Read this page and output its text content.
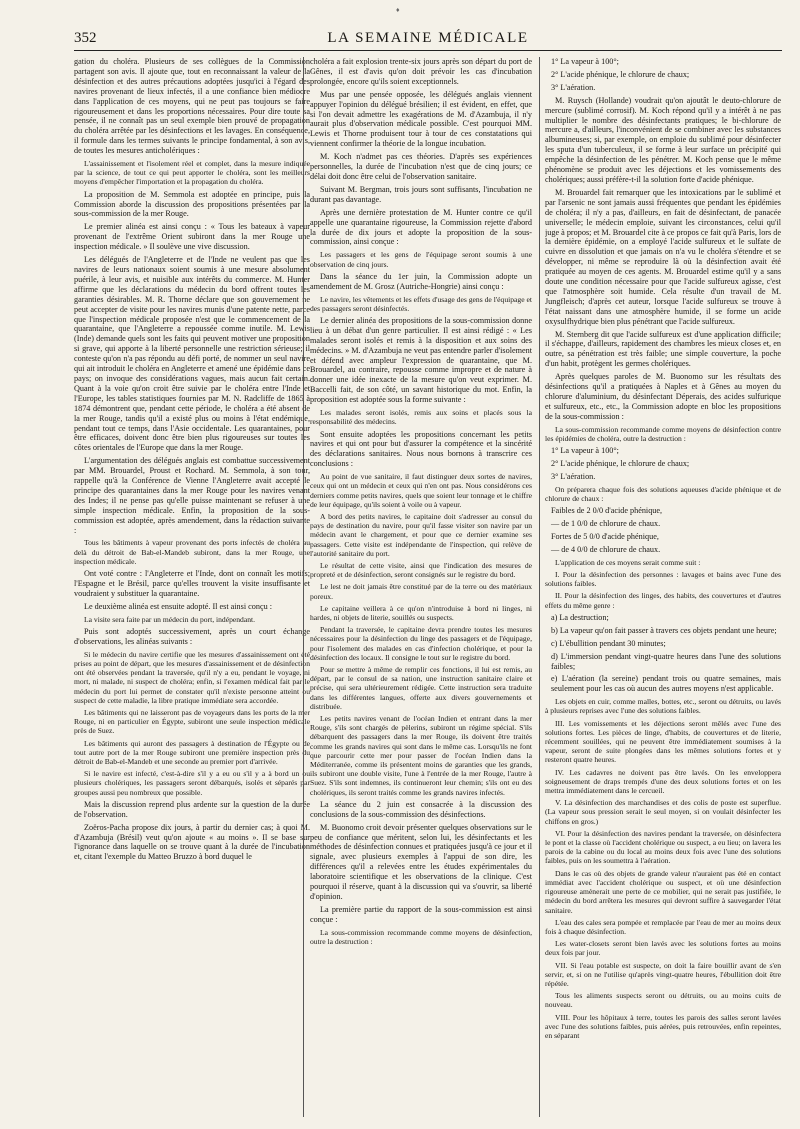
♦
352	LA SEMAINE MÉDICALE

gation du choléra. Plusieurs de ses collègues de la Commission partagent son avis. Il ajoute que, tout en reconnaissant la valeur de la désinfection et des autres précautions adoptées jusqu'ici à l'égard des navires provenant de lieux infectés, il a une confiance bien médiocre dans l'application de ces moyens, qui ne peut pas toujours se faire rigoureusement et dans les proportions nécessaires. Pour dire toute sa pensée, il ne connaît pas un seul exemple bien prouvé de propagation du choléra arrêtée par les désinfections et les lavages. En conséquence, il formule dans les termes suivants le principe fondamental, à son avis, de toutes les mesures anticholériques :

L'assainissement et l'isolement réel et complet, dans la mesure indiquée par la science, de tout ce qui peut apporter le choléra, sont les meilleurs moyens d'empêcher l'importation et la propagation du choléra.

La proposition de M. Semmola est adoptée en principe, puis la Commission aborde la discussion des propositions présentées par la sous-commission de la mer Rouge.

Le premier alinéa est ainsi conçu : « Tous les bateaux à vapeur provenant de l'extrême Orient subiront dans la mer Rouge une inspection médicale. » Il soulève une vive discussion.

Les délégués de l'Angleterre et de l'Inde ne veulent pas que les navires de leurs nationaux soient soumis à une mesure absolument puérile, à leur avis, et nuisible aux intérêts du commerce. M. Hunter affirme que les déclarations du médecin du bord offrent toutes les garanties désirables. M. R. Thorne déclare que son gouvernement ne peut accepter de visite pour les navires munis d'une patente nette, parce que l'inspection médicale proposée n'est que le commencement de la quarantaine, que l'Angleterre a repoussée comme inutile. M. Lewis (Inde) demande quels sont les faits qui peuvent motiver une proposition si grave, qui apporte à la liberté personnelle une restriction sérieuse; il conteste qu'on n'a pas répondu au défi porté, de nommer un seul navire qui ait introduit le choléra en Angleterre et amené une épidémie dans ce pays; on invoque des considérations vagues, mais aucun fait certain. Quant à la voie qu'on croit être suivie par le choléra entre l'Inde et l'Europe, les tables statistiques fournies par M. N. Radcliffe de 1865 à 1874 démontrent que, pendant cette période, le choléra a été absent de la mer Rouge, tandis qu'il a existé plus ou moins à l'état endémique, pendant tout ce temps, dans l'Asie occidentale. Les quarantaines, pour être efficaces, doivent donc être bien plus rigoureuses sur toutes les côtes orientales de l'Europe que dans la mer Rouge.

L'argumentation des délégués anglais est combattue successivement par MM. Brouardel, Proust et Rochard. M. Semmola, à son tour, rappelle qu'à la Conférence de Vienne l'Angleterre avait accepté le principe des quarantaines dans la mer Rouge pour les navires venant des Indes; il ne pense pas qu'elle puisse maintenant se refuser à une simple inspection médicale. Enfin, la proposition de la sous-commission est adoptée, après amendement, dans la rédaction suivante :

Tous les bâtiments à vapeur provenant des ports infectés de choléra au delà du détroit de Bab-el-Mandeb subiront, dans la mer Rouge, une inspection médicale.

Ont voté contre : l'Angleterre et l'Inde, dont on connaît les motifs; l'Espagne et le Brésil, parce qu'elles trouvent la visite insuffisante et voudraient y substituer la quarantaine.

Le deuxième alinéa est ensuite adopté. Il est ainsi conçu :

La visite sera faite par un médecin du port, indépendant.

Puis sont adoptés successivement, après un court échange d'observations, les alinéas suivants :

Si le médecin du navire certifie que les mesures d'assainissement ont été prises au point de départ, que les mesures d'assainissement et de désinfection ont été observées pendant la traversée, qu'il n'y a eu, pendant le voyage, ni mort, ni malade, ni suspect de choléra; enfin, si l'examen médical fait par le médecin du port lui permet de constater qu'il n'existe personne atteint ou suspect de cette maladie, la libre pratique immédiate sera accordée.

Les bâtiments qui ne laisseront pas de voyageurs dans les ports de la mer Rouge, ni en particulier en Égypte, subiront une seule inspection médicale près de Suez.

Les bâtiments qui auront des passagers à destination de l'Égypte ou de tout autre port de la mer Rouge subiront une première inspection près du détroit de Bab-el-Mandeb et une seconde au premier port d'arrivée.

Si le navire est infecté, c'est-à-dire s'il y a eu ou s'il y a à bord un ou plusieurs cholériques, les passagers seront débarqués, isolés et séparés par groupes aussi peu nombreux que possible.

Mais la discussion reprend plus ardente sur la question de la durée de l'observation.

Zoëros-Pacha propose dix jours, à partir du dernier cas; à quoi M. d'Azambuja (Brésil) veut qu'on ajoute « au moins ». Il se base sur l'ignorance dans laquelle on se trouve quant à la durée de l'incubation et, citant l'exemple du Matteo Bruzzo à bord duquel le

choléra a fait explosion trente-six jours après son départ du port de Gênes, il est d'avis qu'on doit prévoir les cas d'incubation prolongée, encore qu'ils soient exceptionnels.

Mus par une pensée opposée, les délégués anglais viennent appuyer l'opinion du délégué brésilien; il est évident, en effet, que si l'on devait admettre les exagérations de M. d'Azambuja, il n'y aurait plus d'observation médicale possible. C'est pourquoi MM. Lewis et Thorne produisent tour à tour de ces constatations qui viennent confirmer la théorie de la longue incubation.

M. Koch n'admet pas ces théories. D'après ses expériences personnelles, la durée de l'incubation n'est que de cinq jours; ce délai doit donc être celui de l'observation sanitaire.

Suivant M. Bergman, trois jours sont suffisants, l'incubation ne durant pas davantage.

Après une dernière protestation de M. Hunter contre ce qu'il appelle une quarantaine rigoureuse, la Commission rejette d'abord la durée de dix jours et adopte la proposition de la sous-commission, ainsi conçue :

Les passagers et les gens de l'équipage seront soumis à une observation de cinq jours.

Dans la séance du 1er juin, la Commission adopte un amendement de M. Grosz (Autriche-Hongrie) ainsi conçu :

Le navire, les vêtements et les effets d'usage des gens de l'équipage et des passagers seront désinfectés.

Le dernier alinéa des propositions de la sous-commission donne lieu à un débat d'un genre particulier. Il est ainsi rédigé : « Les malades seront isolés et remis à la disposition et aux soins des médecins. » M. d'Azambuja ne veut pas entendre parler d'isolement et défend avec ampleur l'expression de quarantaine, que M. Brouardel, au contraire, repousse comme impropre et de nature à donner une idée inexacte de la mesure qu'on veut exprimer. M. Baccelli fait, de son côté, un savant historique du mot. Enfin, la proposition est adoptée sous la forme suivante :

Les malades seront isolés, remis aux soins et placés sous la responsabilité des médecins.

Sont ensuite adoptées les propositions concernant les petits navires et qui ont pour but d'assurer la compétence et la sincérité des déclarations sanitaires. Nous nous bornons à transcrire ces conclusions :

Au point de vue sanitaire, il faut distinguer deux sortes de navires, ceux qui ont un médecin et ceux qui n'en ont pas. Nous considérons ces derniers comme petits navires, quels que soient leur tonnage et le chiffre de leur équipage, qu'ils soient à voile ou à vapeur.

A bord des petits navires, le capitaine doit s'adresser au consul du pays de destination du navire, pour qu'il fasse visiter son navire par un médecin avant le chargement, et pour que ce dernier examine ses passagers. Cette visite est indépendante de l'inspection, qui relève de l'autorité sanitaire du port.

Le résultat de cette visite, ainsi que l'indication des mesures de propreté et de désinfection, seront consignés sur le registre du bord.

Le lest ne doit jamais être constitué par de la terre ou des matériaux poreux.

Le capitaine veillera à ce qu'on n'introduise à bord ni linges, ni hardes, ni objets de literie, souillés ou suspects.

Pendant la traversée, le capitaine devra prendre toutes les mesures nécessaires pour la désinfection du linge des passagers et de l'équipage, pour l'isolement des malades en cas d'infection cholérique, et pour la désinfection des locaux. Il consigne le tout sur le registre du bord.

Pour se mettre à même de remplir ces fonctions, il lui est remis, au départ, par le consul de sa nation, une instruction sanitaire claire et précise, qui sera ultérieurement rédigée. Cette instruction sera traduite dans les différentes langues, offerte aux divers gouvernements et distribuée.

Les petits navires venant de l'océan Indien et entrant dans la mer Rouge, s'ils sont chargés de pèlerins, subiront un régime spécial. S'ils débarquent des passagers dans la mer Rouge, ils doivent être traités comme les grands navires qui sont dans le même cas. Lorsqu'ils ne font que parcourir cette mer pour passer de l'océan Indien dans la Méditerranée, comme ils présentent moins de garanties que les grands, ils subiront une double visite, l'une à l'entrée de la mer Rouge, l'autre à Suez. S'ils sont indemnes, ils continueront leur chemin; s'ils ont eu des cholériques, ils seront traités comme les grands navires infectés.

La séance du 2 juin est consacrée à la discussion des conclusions de la sous-commission des désinfections.

M. Buonomo croit devoir présenter quelques observations sur le peu de confiance que méritent, selon lui, les désinfectants et les méthodes de désinfection connues et pratiquées jusqu'à ce jour et il signale, avec plusieurs exemples à l'appui de son dire, les différences qu'il a relevées entre les études expérimentales du laboratoire scientifique et les observations de la clinique. C'est pourquoi il réserve, quant à la discussion qui va s'ouvrir, sa liberté d'opinion.

La première partie du rapport de la sous-commission est ainsi conçue :

La sous-commission recommande comme moyens de désinfection, outre la destruction :

1° La vapeur à 100°;

2° L'acide phénique, le chlorure de chaux;

3° L'aération.

M. Ruysch (Hollande) voudrait qu'on ajoutât le deuto-chlorure de mercure (sublimé corrosif). M. Koch répond qu'il y a intérêt à ne pas multiplier le nombre des désinfectants pratiques; le bi-chlorure de mercure a, d'ailleurs, l'inconvénient de se combiner avec les substances albumineuses; si, par exemple, on emploie du sublimé pour désinfecter les sputa d'un tuberculeux, il se forme à leur surface un précipité qui empêche la désinfection de les pénétrer. M. Koch pense que le même phénomène se produit avec les déjections et les vomissements des cholériques; aussi préfère-t-il la solution forte d'acide phénique.

M. Brouardel fait remarquer que les intoxications par le sublimé et par l'arsenic ne sont jamais aussi fréquentes que pendant les épidémies de choléra; il n'y a pas, d'ailleurs, en fait de désinfectant, de panacée universelle; le médecin emploie, suivant les circonstances, celui qu'il juge à propos; et M. Brouardel cite à ce propos ce fait qu'à Paris, lors de la dernière épidémie, on a employé l'acide sulfureux et le sulfate de cuivre en dissolution et que jamais on n'a vu le choléra s'étendre et se développer, ni même se reproduire là où la désinfection avait été pratiquée au moyen de ces agents. M. Brouardel estime qu'il y a sans doute une condition nécessaire pour que l'acide sulfureux agisse, c'est que l'atmosphère soit humide. Cela résulte d'un travail de M. Jungfleisch; d'après cet auteur, lorsque l'acide sulfureux se trouve à l'état naissant dans une atmosphère humide, il se forme un acide oxysulfhydrique bien plus pénétrant que l'acide sulfureux.

M. Sternberg dit que l'acide sulfureux est d'une application difficile; il s'échappe, d'ailleurs, rapidement des chambres les mieux closes et, en outre, sa pénétration est très faible; une simple couverture, la poche d'un habit, protègent les germes cholériques.

Après quelques paroles de M. Buonomo sur les résultats des désinfections qu'il a pratiquées à Naples et à Gênes au moyen du chlorure d'aluminium, du désinfectant Déperais, des acides sulfurique et sulfureux, etc., etc., la Commission adopte en bloc les propositions de la sous-commission :

La sous-commission recommande comme moyens de désinfection contre les épidémies de choléra, outre la destruction :

1° La vapeur à 100°;

2° L'acide phénique, le chlorure de chaux;

3° L'aération.

On préparera chaque fois des solutions aqueuses d'acide phénique et de chlorure de chaux :

Faibles de 2 0/0 d'acide phénique,

— de 1 0/0 de chlorure de chaux.

Fortes de 5 0/0 d'acide phénique,

— de 4 0/0 de chlorure de chaux.

L'application de ces moyens serait comme suit :

I. Pour la désinfection des personnes : lavages et bains avec l'une des solutions faibles.

II. Pour la désinfection des linges, des habits, des couvertures et d'autres effets du même genre :

a) La destruction;

b) La vapeur qu'on fait passer à travers ces objets pendant une heure;

c) L'ébullition pendant 30 minutes;

d) L'immersion pendant vingt-quatre heures dans l'une des solutions faibles;

e) L'aération (la sereine) pendant trois ou quatre semaines, mais seulement pour les cas où aucun des autres moyens n'est applicable.

Les objets en cuir, comme malles, bottes, etc., seront ou détruits, ou lavés à plusieurs reprises avec l'une des solutions faibles.

III. Les vomissements et les déjections seront mêlés avec l'une des solutions fortes. Les pièces de linge, d'habits, de couvertures et de literie, récemment souillées, qui ne peuvent être immédiatement soumises à la vapeur, seront de suite plongées dans les mêmes solutions fortes et y resteront quatre heures.

IV. Les cadavres ne doivent pas être lavés. On les enveloppera soigneusement de draps trempés d'une des deux solutions fortes et on les mettra immédiatement dans le cercueil.

V. La désinfection des marchandises et des colis de poste est superflue. (La vapeur sous pression serait le seul moyen, si on voulait désinfecter les chiffons en gros.)

VI. Pour la désinfection des navires pendant la traversée, on désinfectera le pont et la classe où l'accident cholérique ou suspect, a eu lieu; on lavera les parois de la cabine ou du local au moins deux fois avec l'une des solutions faibles, puis on les soumettra à l'aération.

Dans le cas où des objets de grande valeur n'auraient pas été en contact immédiat avec l'accident cholérique ou suspect, et où une désinfection rigoureuse amènerait une perte de ce mobilier, qui ne serait pas justifiée, le médecin du bord arrêtera les mesures qui devront suffire à sauvegarder l'état sanitaire.

L'eau des cales sera pompée et remplacée par l'eau de mer au moins deux fois à chaque désinfection.

Les water-closets seront bien lavés avec les solutions fortes au moins deux fois par jour.

VII. Si l'eau potable est suspecte, on doit la faire bouillir avant de s'en servir, et, si on ne l'utilise qu'après vingt-quatre heures, l'ébullition doit être répétée.

Tous les aliments suspects seront ou détruits, ou au moins cuits de nouveau.

VIII. Pour les hôpitaux à terre, toutes les parois des salles seront lavées avec l'une des solutions faibles, puis aérées, puis retrouvées, enfin repeintes, en séparant
